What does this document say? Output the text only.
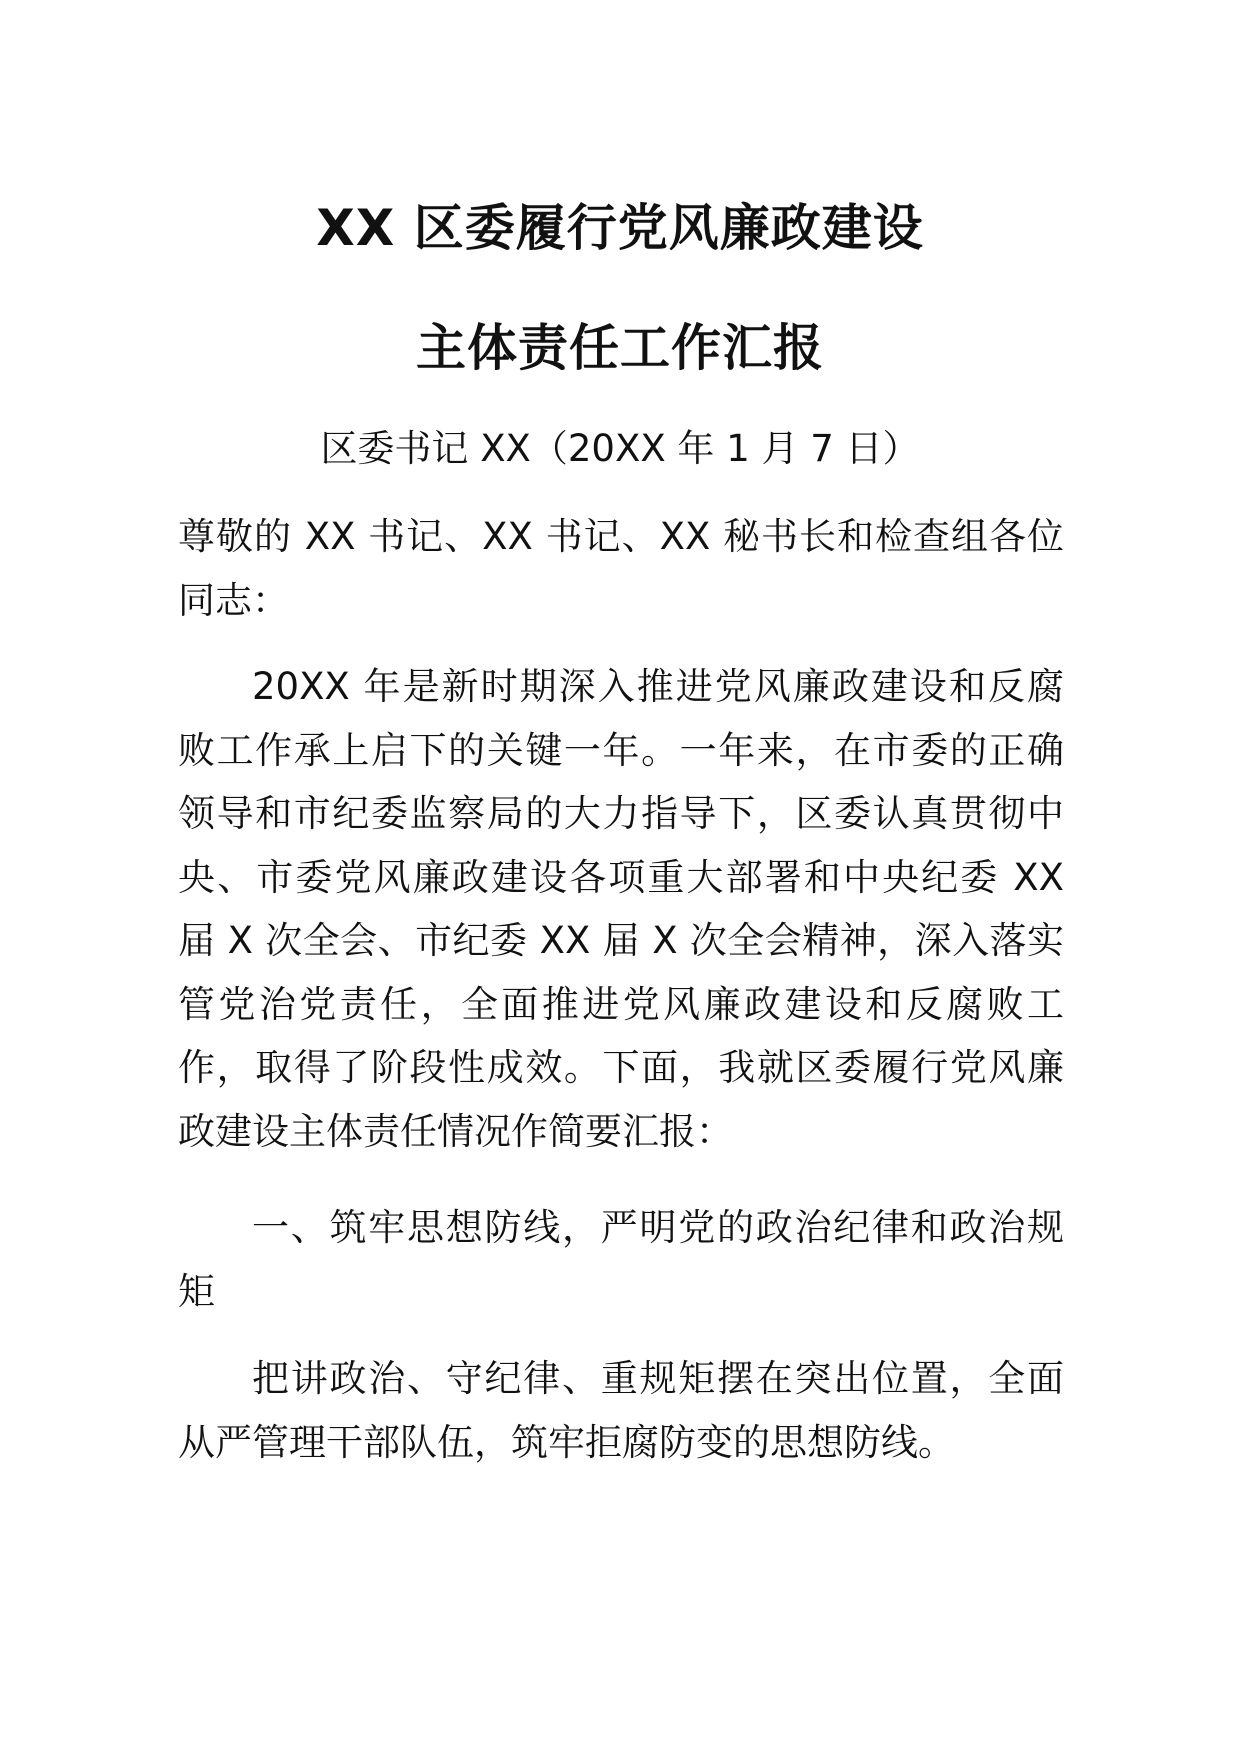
XX 区委履行党风廉政建设
主体责任工作汇报
区委书记 XX（20XX 年 1 月 7 日）

尊敬的 XX 书记、XX 书记、XX 秘书长和检查组各位同志：

20XX 年是新时期深入推进党风廉政建设和反腐败工作承上启下的关键一年。一年来，在市委的正确领导和市纪委监察局的大力指导下，区委认真贯彻中央、市委党风廉政建设各项重大部署和中央纪委 XX 届 X 次全会、市纪委 XX 届 X 次全会精神，深入落实管党治党责任，全面推进党风廉政建设和反腐败工作，取得了阶段性成效。下面，我就区委履行党风廉政建设主体责任情况作简要汇报：

一、筑牢思想防线，严明党的政治纪律和政治规矩

把讲政治、守纪律、重规矩摆在突出位置，全面从严管理干部队伍，筑牢拒腐防变的思想防线。
